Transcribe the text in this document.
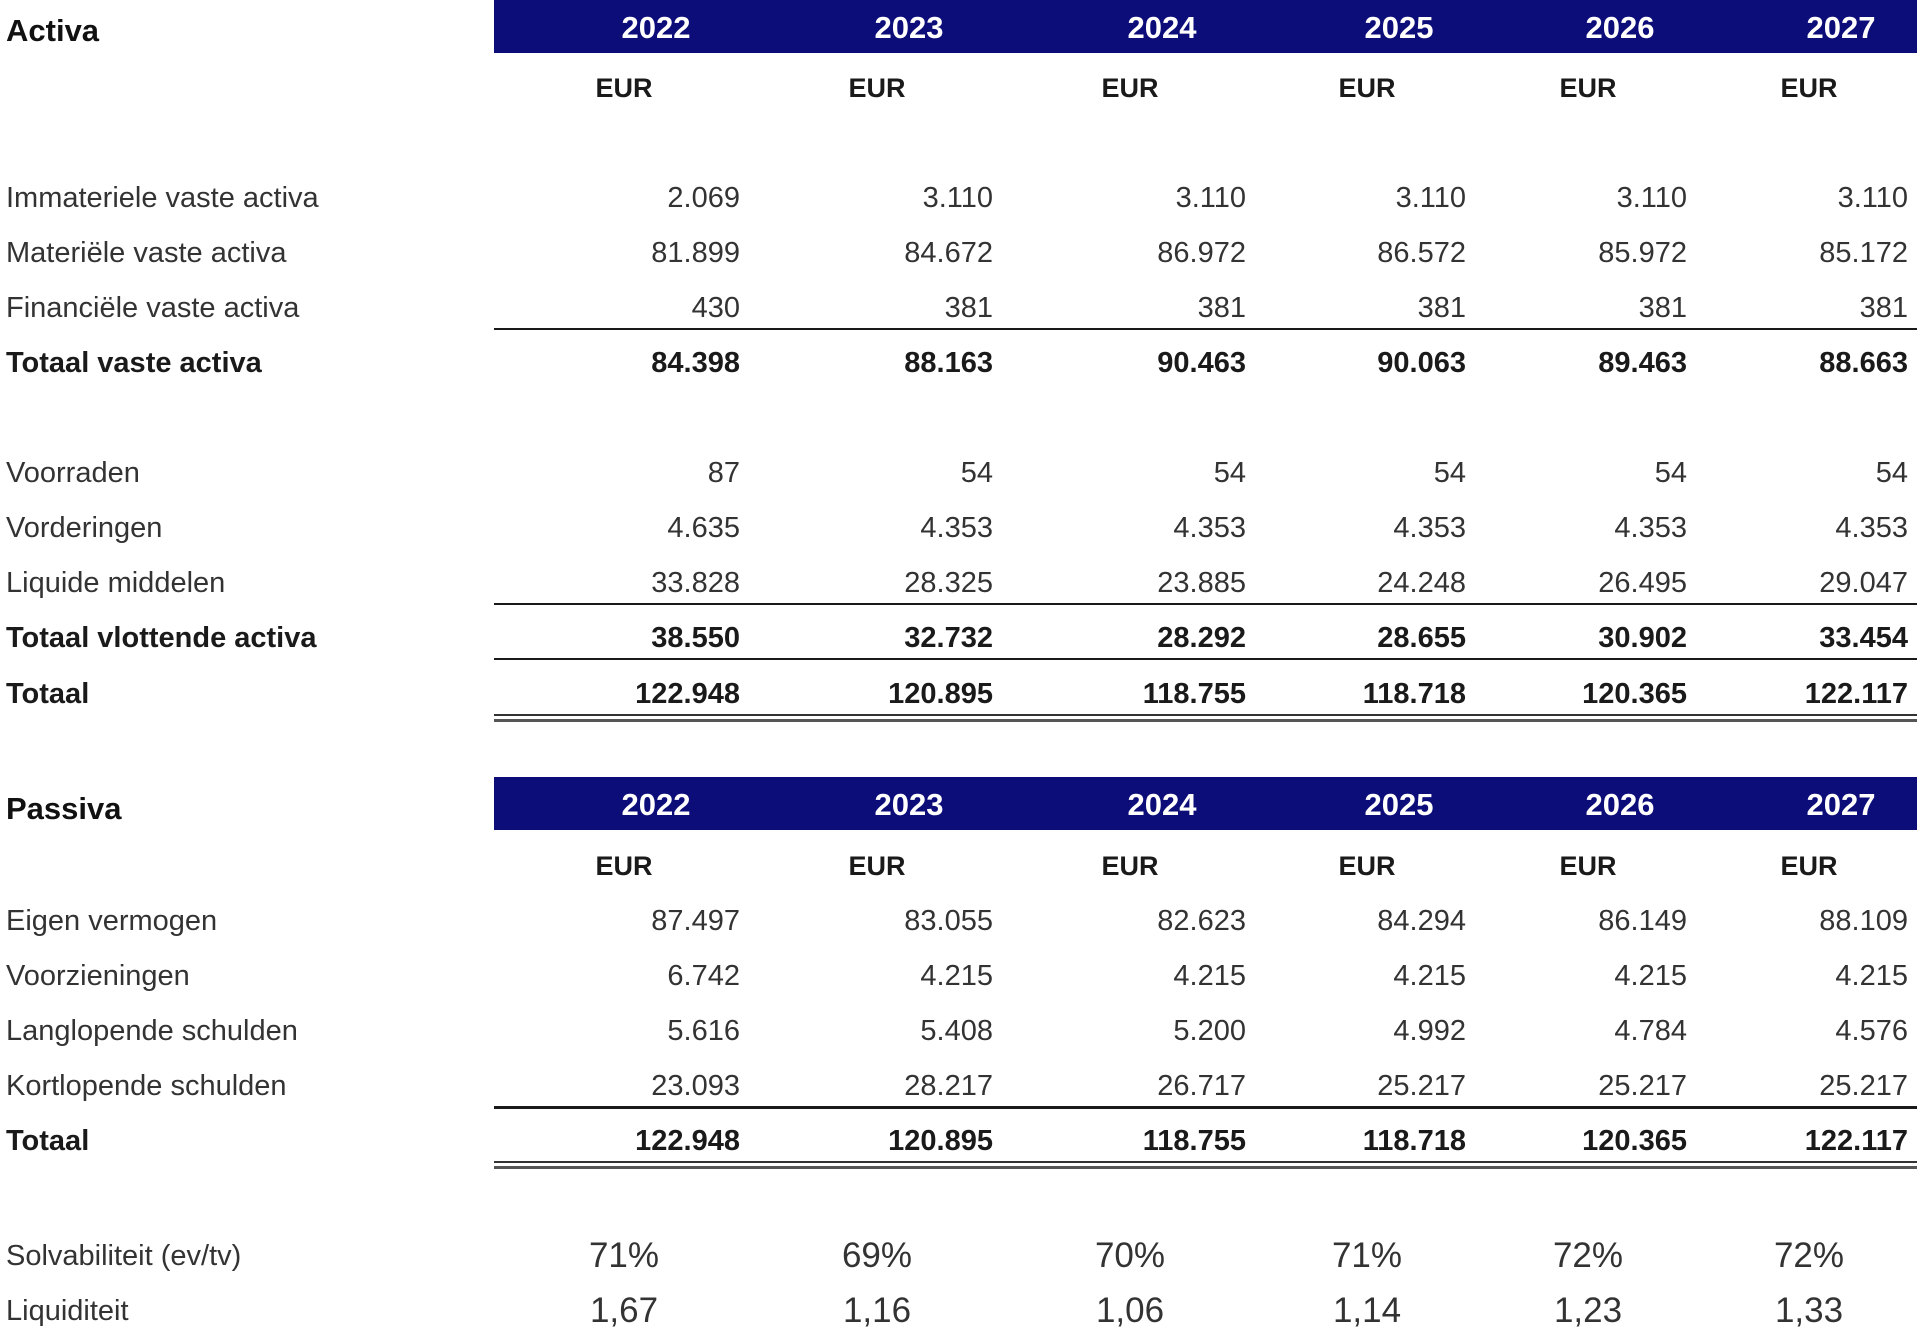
Activa	2022	2023	2024	2025	2026	2027
EUR	EUR	EUR	EUR	EUR	EUR
Immateriele vaste activa	2.069	3.110	3.110	3.110	3.110	3.110
Materiële vaste activa	81.899	84.672	86.972	86.572	85.972	85.172
Financiële vaste activa	430	381	381	381	381	381
Totaal vaste activa	84.398	88.163	90.463	90.063	89.463	88.663
Voorraden	87	54	54	54	54	54
Vorderingen	4.635	4.353	4.353	4.353	4.353	4.353
Liquide middelen	33.828	28.325	23.885	24.248	26.495	29.047
Totaal vlottende activa	38.550	32.732	28.292	28.655	30.902	33.454
Totaal	122.948	120.895	118.755	118.718	120.365	122.117
Passiva	2022	2023	2024	2025	2026	2027
EUR	EUR	EUR	EUR	EUR	EUR
Eigen vermogen	87.497	83.055	82.623	84.294	86.149	88.109
Voorzieningen	6.742	4.215	4.215	4.215	4.215	4.215
Langlopende schulden	5.616	5.408	5.200	4.992	4.784	4.576
Kortlopende schulden	23.093	28.217	26.717	25.217	25.217	25.217
Totaal	122.948	120.895	118.755	118.718	120.365	122.117
Solvabiliteit (ev/tv)	71%	69%	70%	71%	72%	72%
Liquiditeit	1,67	1,16	1,06	1,14	1,23	1,33
